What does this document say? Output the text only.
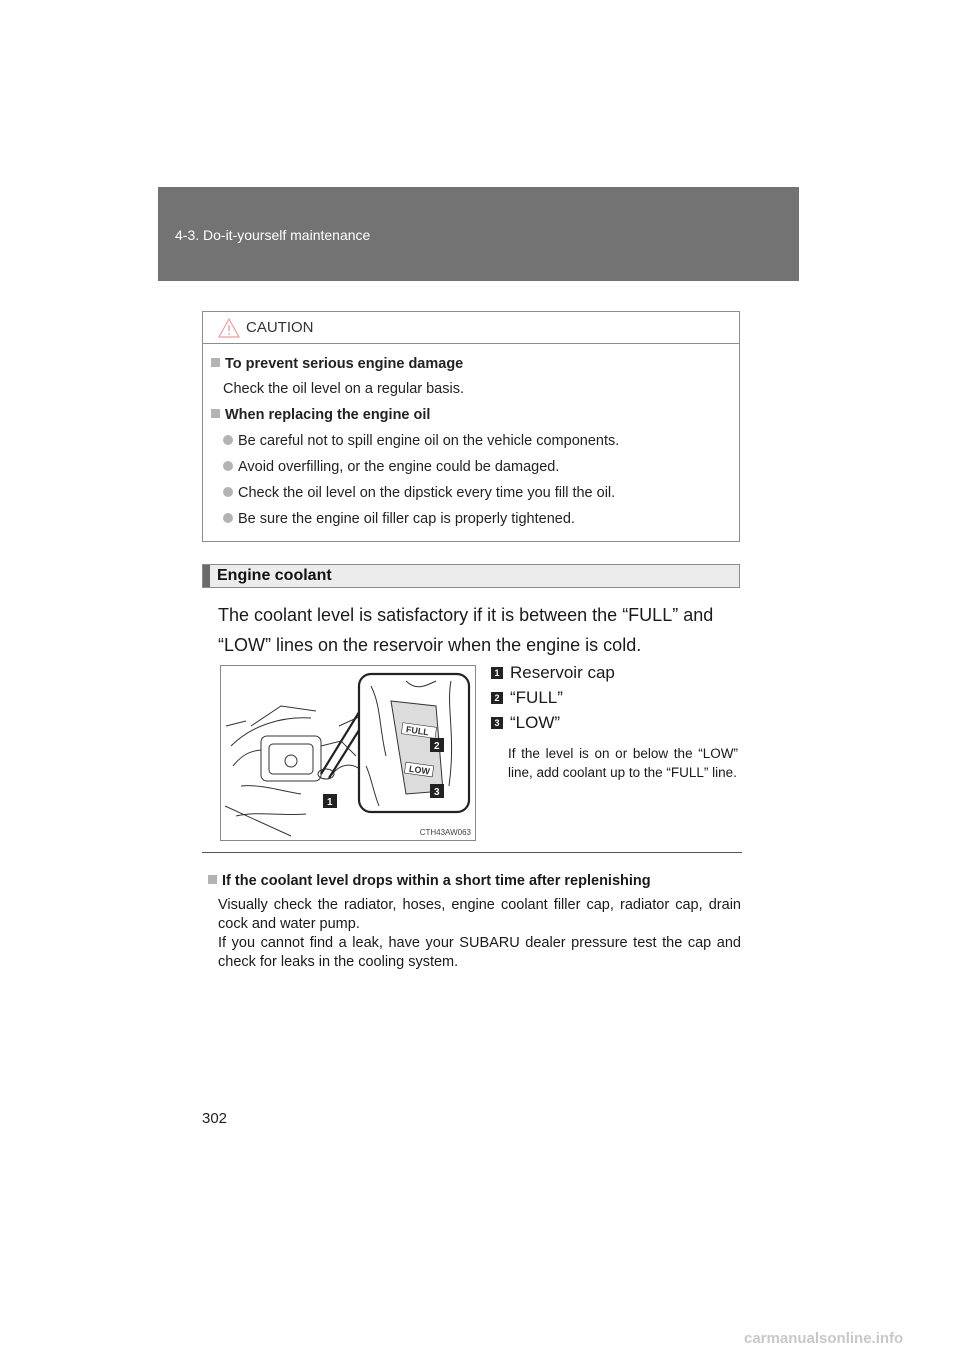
4-3. Do-it-yourself maintenance
CAUTION
To prevent serious engine damage
Check the oil level on a regular basis.
When replacing the engine oil
Be careful not to spill engine oil on the vehicle components.
Avoid overfilling, or the engine could be damaged.
Check the oil level on the dipstick every time you fill the oil.
Be sure the engine oil filler cap is properly tightened.
Engine coolant
The coolant level is satisfactory if it is between the “FULL” and “LOW” lines on the reservoir when the engine is cold.
FULL
LOW
1
2
3
CTH43AW063
1 Reservoir cap
2 “FULL”
3 “LOW”
If the level is on or below the “LOW” line, add coolant up to the “FULL” line.
If the coolant level drops within a short time after replenishing

Visually check the radiator, hoses, engine coolant filler cap, radiator cap, drain cock and water pump.

If you cannot find a leak, have your SUBARU dealer pressure test the cap and check for leaks in the cooling system.

302
carmanualsonline.info
